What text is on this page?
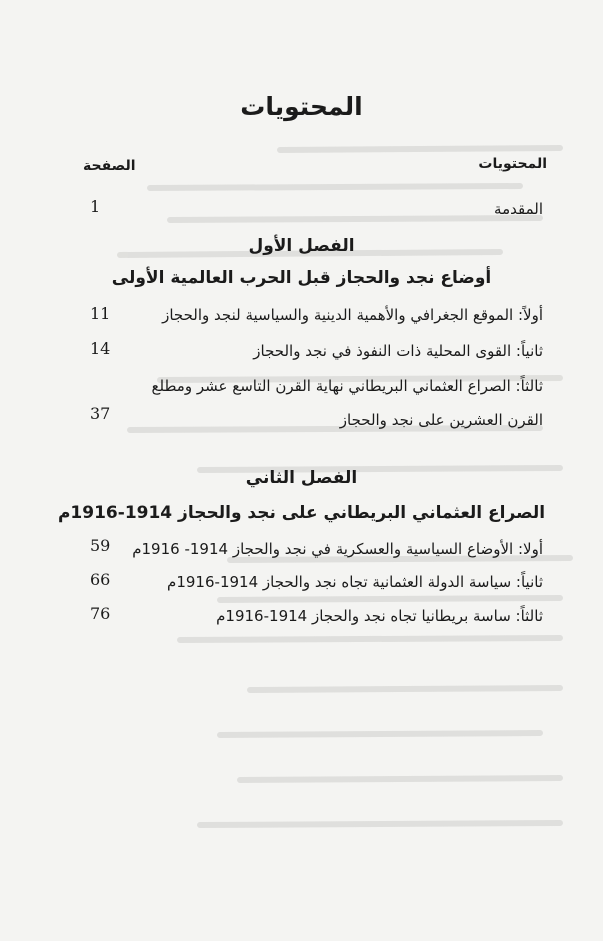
المحتويات
المحتويات
الصفحة
المقدمة
1
الفصل الأول
أوضاع نجد والحجاز قبل الحرب العالمية الأولى
أولاً: الموقع الجغرافي والأهمية الدينية والسياسية لنجد والحجاز
11
ثانياً: القوى المحلية ذات النفوذ في نجد والحجاز
14
ثالثاً: الصراع العثماني البريطاني نهاية القرن التاسع عشر ومطلع
القرن العشرين على نجد والحجاز
37
الفصل الثاني
الصراع العثماني البريطاني على نجد والحجاز 1914-1916م
أولا: الأوضاع السياسية والعسكرية في نجد والحجاز 1914- 1916م
59
ثانياً: سياسة الدولة العثمانية تجاه نجد والحجاز 1914-1916م
66
ثالثاً: ساسة بريطانيا تجاه نجد والحجاز 1914-1916م
76
